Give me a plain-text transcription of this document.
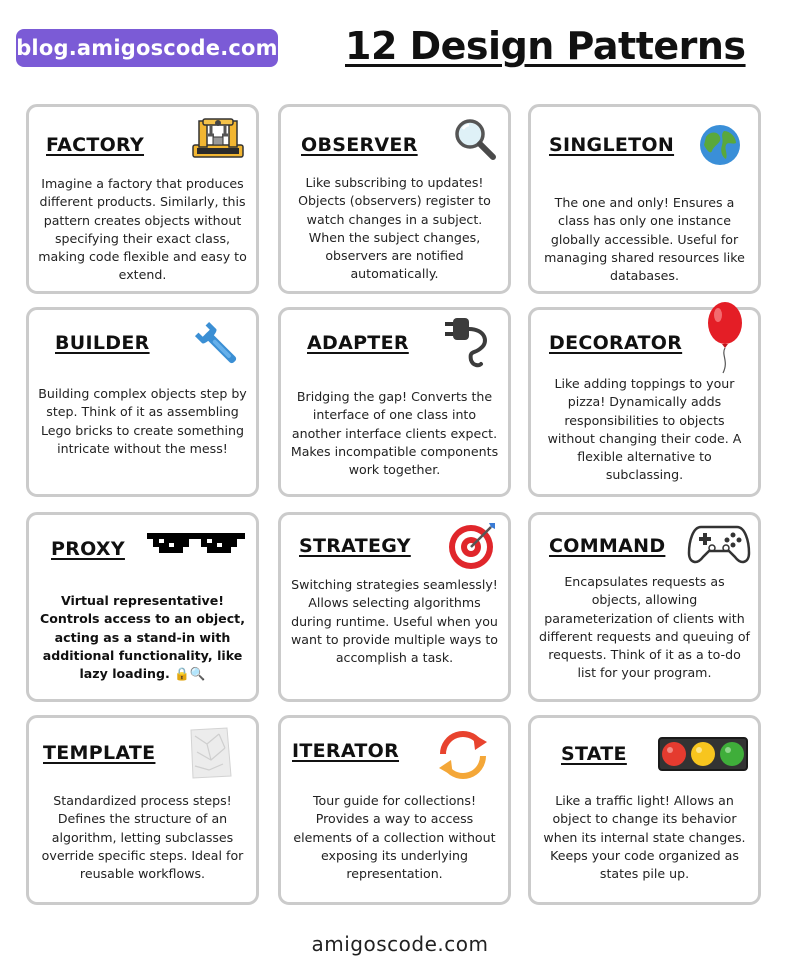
blog.amigoscode.com 12 Design Patterns
FACTORY
Imagine a factory that produces different products. Similarly, this pattern creates objects without specifying their exact class, making code flexible and easy to extend.
OBSERVER
Like subscribing to updates! Objects (observers) register to watch changes in a subject. When the subject changes, observers are notified automatically.
SINGLETON
The one and only! Ensures a class has only one instance globally accessible. Useful for managing shared resources like databases.
BUILDER
Building complex objects step by step. Think of it as assembling Lego bricks to create something intricate without the mess!
ADAPTER
Bridging the gap! Converts the interface of one class into another interface clients expect. Makes incompatible components work together.
DECORATOR
Like adding toppings to your pizza! Dynamically adds responsibilities to objects without changing their code. A flexible alternative to subclassing.
PROXY
Virtual representative! Controls access to an object, acting as a stand-in with additional functionality, like lazy loading. 🔒🔍
STRATEGY
Switching strategies seamlessly! Allows selecting algorithms during runtime. Useful when you want to provide multiple ways to accomplish a task.
COMMAND
Encapsulates requests as objects, allowing parameterization of clients with different requests and queuing of requests. Think of it as a to-do list for your program.
TEMPLATE
Standardized process steps! Defines the structure of an algorithm, letting subclasses override specific steps. Ideal for reusable workflows.
ITERATOR
Tour guide for collections! Provides a way to access elements of a collection without exposing its underlying representation.
STATE
Like a traffic light! Allows an object to change its behavior when its internal state changes. Keeps your code organized as states pile up.
amigoscode.com
